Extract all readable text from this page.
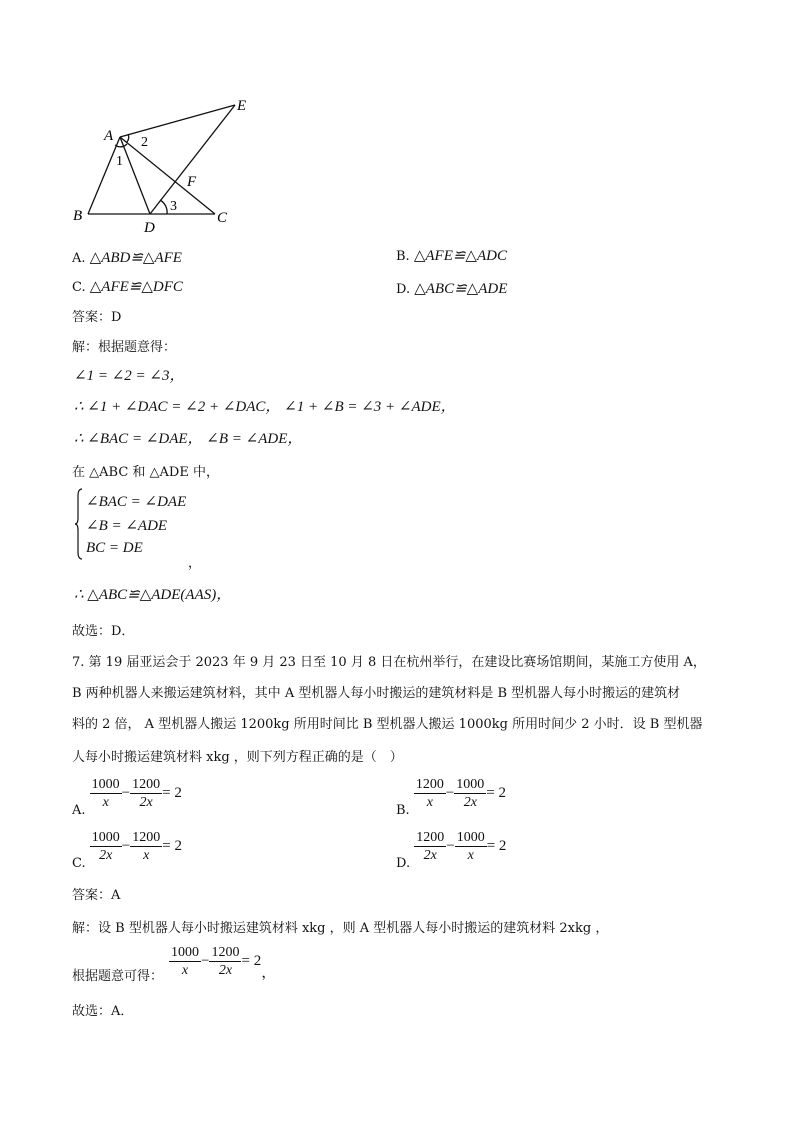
A
B	C
D
E
F
1
2
3
A. △ABD≌△AFE	B. △AFE≌△ADC
C. △AFE≌△DFC	D. △ABC≌△ADE
答案：D
解：根据题意得：
∠1 = ∠2 = ∠3，
∴ ∠1 + ∠DAC = ∠2 + ∠DAC， ∠1 + ∠B = ∠3 + ∠ADE，
∴ ∠BAC = ∠DAE， ∠B = ∠ADE，
在 △ABC 和 △ADE 中，
∠BAC = ∠DAE
∠B = ∠ADE
BC = DE
，
∴ △ABC≌△ADE(AAS)，
故选：D．
7. 第 19 届亚运会于 2023 年 9 月 23 日至 10 月 8 日在杭州举行，在建设比赛场馆期间，某施工方使用 A，
B 两种机器人来搬运建筑材料，其中 A 型机器人每小时搬运的建筑材料是 B 型机器人每小时搬运的建筑材
料的 2 倍， A 型机器人搬运 1200kg 所用时间比 B 型机器人搬运 1000kg 所用时间少 2 小时．设 B 型机器
人每小时搬运建筑材料 xkg ，则下列方程正确的是（　）
A. $\frac{1000}{x} - \frac{1200}{2x} = 2$
B. $\frac{1200}{x} - \frac{1000}{2x} = 2$
C. $\frac{1000}{2x} - \frac{1200}{x} = 2$
D. $\frac{1200}{2x} - \frac{1000}{x} = 2$
答案：A
解：设 B 型机器人每小时搬运建筑材料 xkg ，则 A 型机器人每小时搬运的建筑材料 2xkg ，
根据题意可得： $\frac{1000}{x} - \frac{1200}{2x} = 2$
，
故选：A．
